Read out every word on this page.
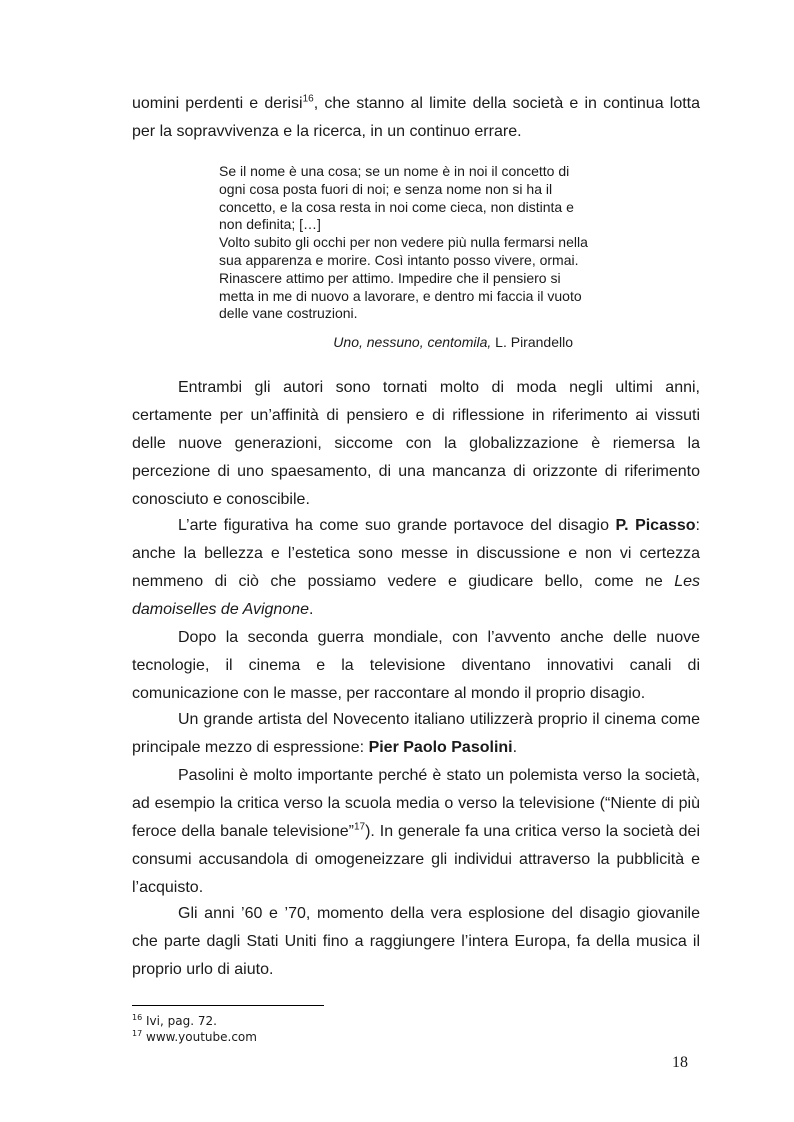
uomini perdenti e derisi$^{16}$, che stanno al limite della società e in continua lotta per la sopravvivenza e la ricerca, in un continuo errare.

Se il nome è una cosa; se un nome è in noi il concetto di ogni cosa posta fuori di noi; e senza nome non si ha il concetto, e la cosa resta in noi come cieca, non distinta e non definita; […]
Volto subito gli occhi per non vedere più nulla fermarsi nella sua apparenza e morire. Così intanto posso vivere, ormai. Rinascere attimo per attimo. Impedire che il pensiero si metta in me di nuovo a lavorare, e dentro mi faccia il vuoto delle vane costruzioni.

Uno, nessuno, centomila, L. Pirandello

Entrambi gli autori sono tornati molto di moda negli ultimi anni, certamente per un’affinità di pensiero e di riflessione in riferimento ai vissuti delle nuove generazioni, siccome con la globalizzazione è riemersa la percezione di uno spaesamento, di una mancanza di orizzonte di riferimento conosciuto e conoscibile.

L’arte figurativa ha come suo grande portavoce del disagio P. Picasso: anche la bellezza e l’estetica sono messe in discussione e non vi certezza nemmeno di ciò che possiamo vedere e giudicare bello, come ne Les damoiselles de Avignone.

Dopo la seconda guerra mondiale, con l’avvento anche delle nuove tecnologie, il cinema e la televisione diventano innovativi canali di comunicazione con le masse, per raccontare al mondo il proprio disagio.

Un grande artista del Novecento italiano utilizzerà proprio il cinema come principale mezzo di espressione: Pier Paolo Pasolini.

Pasolini è molto importante perché è stato un polemista verso la società, ad esempio la critica verso la scuola media o verso la televisione (“Niente di più feroce della banale televisione”$^{17}$). In generale fa una critica verso la società dei consumi accusandola di omogeneizzare gli individui attraverso la pubblicità e l’acquisto.

Gli anni ’60 e ’70, momento della vera esplosione del disagio giovanile che parte dagli Stati Uniti fino a raggiungere l’intera Europa, fa della musica il proprio urlo di aiuto.

$^{16}$ Ivi, pag. 72.

$^{17}$ www.youtube.com

18
